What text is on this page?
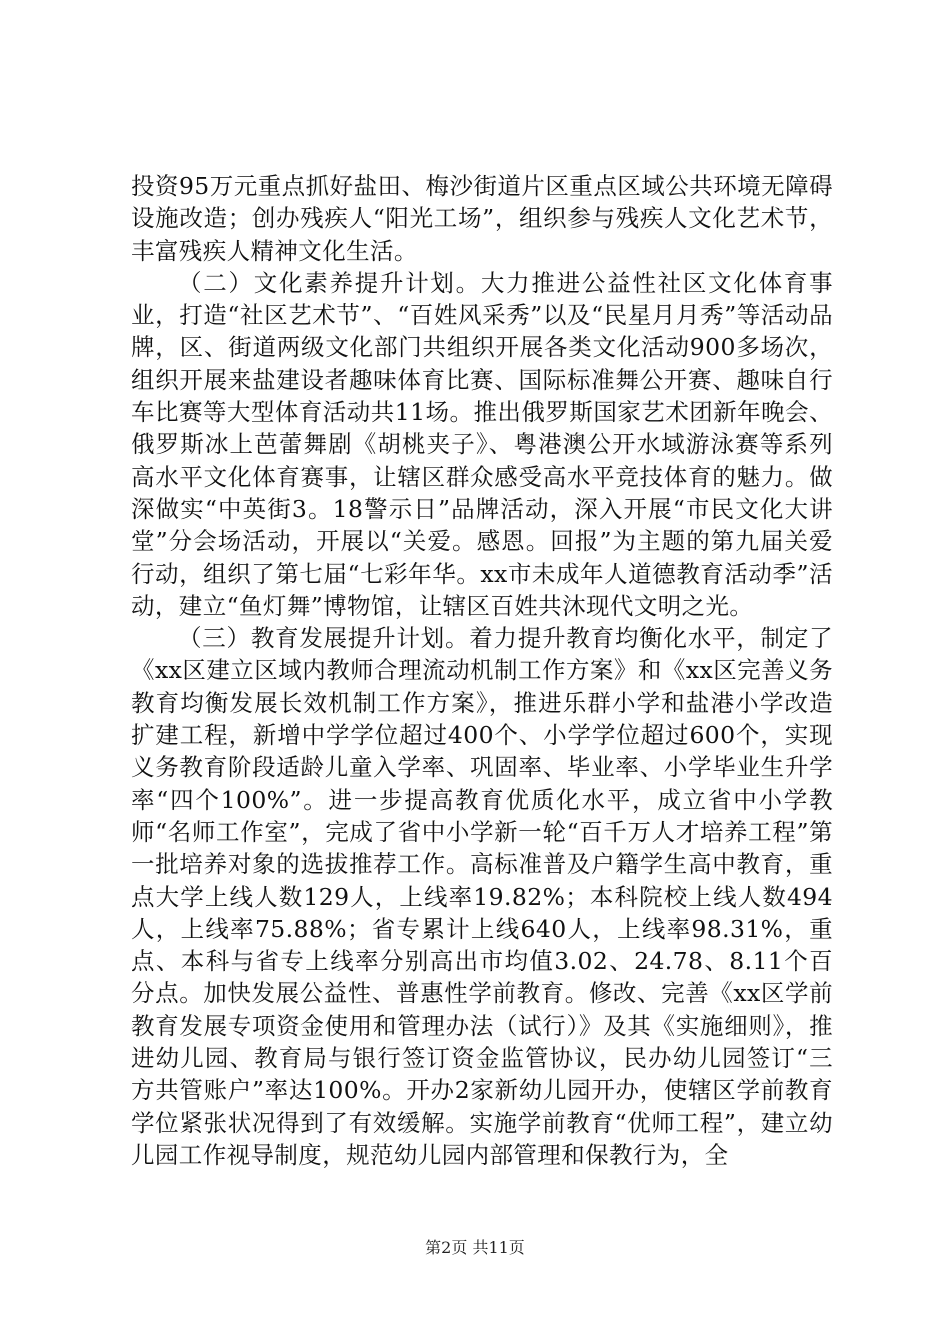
投资95万元重点抓好盐田、梅沙街道片区重点区域公共环境无障碍设施改造；创办残疾人“阳光工场”，组织参与残疾人文化艺术节，丰富残疾人精神文化生活。

（二）文化素养提升计划。大力推进公益性社区文化体育事业，打造“社区艺术节”、“百姓风采秀”以及“民星月月秀”等活动品牌，区、街道两级文化部门共组织开展各类文化活动900多场次，组织开展来盐建设者趣味体育比赛、国际标准舞公开赛、趣味自行车比赛等大型体育活动共11场。推出俄罗斯国家艺术团新年晚会、俄罗斯冰上芭蕾舞剧《胡桃夹子》、粤港澳公开水域游泳赛等系列高水平文化体育赛事，让辖区群众感受高水平竞技体育的魅力。做深做实“中英街3。18警示日”品牌活动，深入开展“市民文化大讲堂”分会场活动，开展以“关爱。感恩。回报”为主题的第九届关爱行动，组织了第七届“七彩年华。xx市未成年人道德教育活动季”活动，建立“鱼灯舞”博物馆，让辖区百姓共沐现代文明之光。

（三）教育发展提升计划。着力提升教育均衡化水平，制定了《xx区建立区域内教师合理流动机制工作方案》和《xx区完善义务教育均衡发展长效机制工作方案》，推进乐群小学和盐港小学改造扩建工程，新增中学学位超过400个、小学学位超过600个，实现义务教育阶段适龄儿童入学率、巩固率、毕业率、小学毕业生升学率“四个100%”。进一步提高教育优质化水平，成立省中小学教师“名师工作室”，完成了省中小学新一轮“百千万人才培养工程”第一批培养对象的选拔推荐工作。高标准普及户籍学生高中教育，重点大学上线人数129人，上线率19.82%；本科院校上线人数494人，上线率75.88%；省专累计上线640人，上线率98.31%，重点、本科与省专上线率分别高出市均值3.02、24.78、8.11个百分点。加快发展公益性、普惠性学前教育。修改、完善《xx区学前教育发展专项资金使用和管理办法（试行）》及其《实施细则》，推进幼儿园、教育局与银行签订资金监管协议，民办幼儿园签订“三方共管账户”率达100%。开办2家新幼儿园开办，使辖区学前教育学位紧张状况得到了有效缓解。实施学前教育“优师工程”，建立幼儿园工作视导制度，规范幼儿园内部管理和保教行为，全

第2页 共11页
